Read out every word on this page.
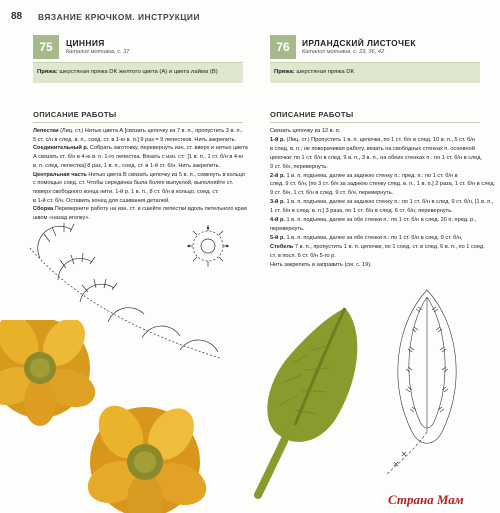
88 ВЯЗАНИЕ КРЮЧКОМ. ИНСТРУКЦИИ
75	ЦИННИЯ
Каталог мотивов, с. 37
Пряжа: шерстяная пряжа DK желтого цвета (А) и цвета лайма (B)
76	ИРЛАНДСКИЙ ЛИСТОЧЕК
Каталог мотивов, с. 23, 36, 42
Пряжа: шерстяная пряжа DK
ОПИСАНИЕ РАБОТЫ	ОПИСАНИЕ РАБОТЫ
Лепестки (Лиц. ст.) Нитью цвета А [связать цепочку из 7 в. п., пропустить 3 в. п.,
5 ст. с/н в след. в. п., соед. ст. в 1-ю в. п.] 9 раз = 9 лепестков. Нить закрепить.
Соединительный р. Собрать заготовку, перевернуть изн. ст. вверх и нитью цвета
А связать ст. б/н в 4-ю в. п. 1-го лепестка. Вязать с изн. ст.: [1 в. п., 1 ст. б/н в 4-ю
в. п. след. лепестка] 8 раз, 1 в. п., соед. ст. в 1-й ст. б/н. Нить закрепить.
Центральная часть Нитью цвета В связать цепочку из 5 в. п., сомкнуть в кольцо
с помощью соед. ст. Чтобы серединка была более выпуклой, выполняйте ст.
поверх свободного конца нити. 1-й р. 1 в. п., 8 ст. б/н в кольцо, соед. ст.
в 1-й ст. б/н. Оставить конец для сшивания деталей.
Сборка Переверните работу на изн. ст. и сшейте лепестки вдоль петельного края
швом «назад иголку».
Связать цепочку из 12 в. п.
1-й р. (Лиц. ст.) Пропустить 1 в. п. цепочки, по 1 ст. б/н в след. 10 в. п., 5 ст. б/н
в след. в. п.; не поворачивая работу, вязать на свободных стенках п. основной
цепочки: по 1 ст. б/н в след. 9 в. п., 3 в. п., на обеих стенках п.: по 1 ст. б/н в след.
9 ст. б/н, перевернуть.
2-й р. 1 в. п. подъема, далее за заднюю стенку п.: пред. п.: по 1 ст. б/н в
след. 9 ст. б/н, [по 3 ст. б/н за заднюю стенку след. в. п., 1 в. п.] 2 раза, 1 ст. б/н в след.
9 ст. б/н, 1 ст. б/н в след. 9 ст. б/н, перевернуть.
3-й р. 1 в. п. подъема, далее за заднюю стенку п.: по 1 ст. б/н в след. 9 ст. б/н, [1 в. п.,
1 ст. б/н в след. в. п.] 3 раза, по 1 ст. б/н в след. 6 ст. б/н, перевернуть.
4-й р. 1 в. п. подъема, далее за обе стенки п.: по 1 ст. б/н в след. 20 п. пред. р.,
перевернуть.
5-й р. 1 в. п. подъема, далее за обе стенки п.: по 1 ст. б/н в след. 9 ст. б/н,
Стебель 7 в. п., пропустить 1 в. п. цепочки, по 1 соед. ст. в след. 6 в. п., по 1 соед.
ст. в посл. 6 ст. б/н 5-го р.
Нить закрепить и заправить (см. с. 19).
Страна Мам
